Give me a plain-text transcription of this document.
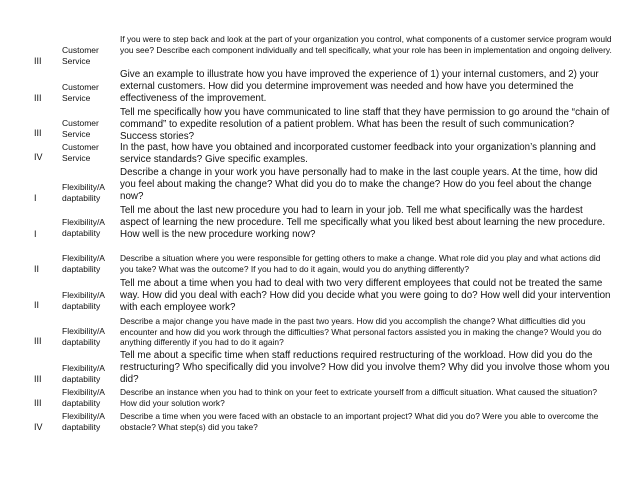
III
Customer
Service
If you were to step back and look at the part of your organization you control, what components of a customer service program would you see? Describe each component individually and tell specifically, what your role has been in implementation and ongoing delivery.
III
Customer
Service
Give an example to illustrate how you have improved the experience of 1) your internal customers, and 2) your external customers. How did you determine improvement was needed and how have you determined the effectiveness of the improvement.
III
Customer
Service
Tell me specifically how you have communicated to line staff that they have permission to go around the “chain of command” to expedite resolution of a patient problem. What has been the result of such communication? Success stories?
IV
Customer
Service
In the past, how have you obtained and incorporated customer feedback into your organization’s planning and service standards? Give specific examples.
I
Flexibility/A
daptability
Describe a change in your work you have personally had to make in the last couple years. At the time, how did you feel about making the change? What did you do to make the change? How do you feel about the change now?
I
Flexibility/A
daptability
Tell me about the last new procedure you had to learn in your job. Tell me what specifically was the hardest aspect of learning the new procedure. Tell me specifically what you liked best about learning the new procedure. How well is the new procedure working now?
II
Flexibility/A
daptability
Describe a situation where you were responsible for getting others to make a change. What role did you play and what actions did you take? What was the outcome? If you had to do it again, would you do anything differently?
II
Flexibility/A
daptability
Tell me about a time when you had to deal with two very different employees that could not be treated the same way. How did you deal with each? How did you decide what you were going to do? How well did your intervention with each employee work?
III
Flexibility/A
daptability
Describe a major change you have made in the past two years. How did you accomplish the change? What difficulties did you encounter and how did you work through the difficulties? What personal factors assisted you in making the change? Would you do anything differently if you had to do it again?
III
Flexibility/A
daptability
Tell me about a specific time when staff reductions required restructuring of the workload. How did you do the restructuring? Who specifically did you involve? How did you involve them? Why did you involve those whom you did?
III
Flexibility/A
daptability
Describe an instance when you had to think on your feet to extricate yourself from a difficult situation. What caused the situation? How did your solution work?
IV
Flexibility/A
daptability
Describe a time when you were faced with an obstacle to an important project? What did you do? Were you able to overcome the obstacle? What step(s) did you take?
